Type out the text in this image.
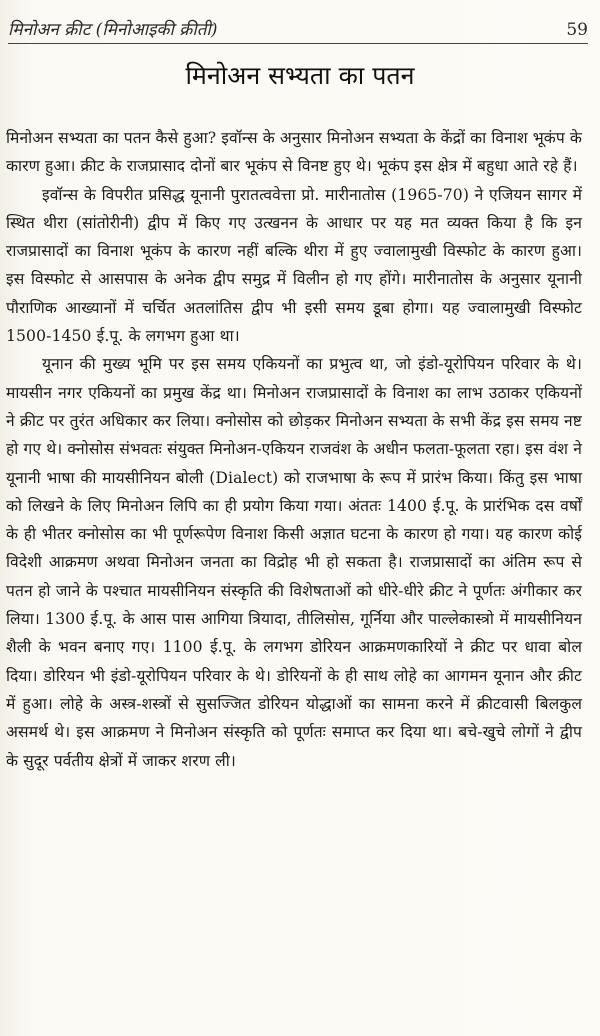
मिनोअन क्रीट (मिनोआइकी क्रीती)	59
मिनोअन सभ्यता का पतन

मिनोअन सभ्यता का पतन कैसे हुआ? इवॉन्स के अनुसार मिनोअन सभ्यता के केंद्रों का विनाश भूकंप के कारण हुआ। क्रीट के राजप्रासाद दोनों बार भूकंप से विनष्ट हुए थे। भूकंप इस क्षेत्र में बहुधा आते रहे हैं।

इवॉन्स के विपरीत प्रसिद्ध यूनानी पुरातत्ववेत्ता प्रो. मारीनातोस (1965-70) ने एजियन सागर में स्थित थीरा (सांतोरीनी) द्वीप में किए गए उत्खनन के आधार पर यह मत व्यक्त किया है कि इन राजप्रासादों का विनाश भूकंप के कारण नहीं बल्कि थीरा में हुए ज्वालामुखी विस्फोट के कारण हुआ। इस विस्फोट से आसपास के अनेक द्वीप समुद्र में विलीन हो गए होंगे। मारीनातोस के अनुसार यूनानी पौराणिक आख्यानों में चर्चित अतलांतिस द्वीप भी इसी समय डूबा होगा। यह ज्वालामुखी विस्फोट 1500-1450 ई.पू. के लगभग हुआ था।

यूनान की मुख्य भूमि पर इस समय एकियनों का प्रभुत्व था, जो इंडो-यूरोपियन परिवार के थे। मायसीन नगर एकियनों का प्रमुख केंद्र था। मिनोअन राजप्रासादों के विनाश का लाभ उठाकर एकियनों ने क्रीट पर तुरंत अधिकार कर लिया। क्नोसोस को छोड़कर मिनोअन सभ्यता के सभी केंद्र इस समय नष्ट हो गए थे। क्नोसोस संभवतः संयुक्त मिनोअन-एकियन राजवंश के अधीन फलता-फूलता रहा। इस वंश ने यूनानी भाषा की मायसीनियन बोली (Dialect) को राजभाषा के रूप में प्रारंभ किया। किंतु इस भाषा को लिखने के लिए मिनोअन लिपि का ही प्रयोग किया गया। अंततः 1400 ई.पू. के प्रारंभिक दस वर्षों के ही भीतर क्नोसोस का भी पूर्णरूपेण विनाश किसी अज्ञात घटना के कारण हो गया। यह कारण कोई विदेशी आक्रमण अथवा मिनोअन जनता का विद्रोह भी हो सकता है। राजप्रासादों का अंतिम रूप से पतन हो जाने के पश्चात मायसीनियन संस्कृति की विशेषताओं को धीरे-धीरे क्रीट ने पूर्णतः अंगीकार कर लिया। 1300 ई.पू. के आस पास आगिया त्रियादा, तीलिसोस, गूर्निया और पाल्लेकास्त्रो में मायसीनियन शैली के भवन बनाए गए। 1100 ई.पू. के लगभग डोरियन आक्रमणकारियों ने क्रीट पर धावा बोल दिया। डोरियन भी इंडो-यूरोपियन परिवार के थे। डोरियनों के ही साथ लोहे का आगमन यूनान और क्रीट में हुआ। लोहे के अस्त्र-शस्त्रों से सुसज्जित डोरियन योद्धाओं का सामना करने में क्रीटवासी बिलकुल असमर्थ थे। इस आक्रमण ने मिनोअन संस्कृति को पूर्णतः समाप्त कर दिया था। बचे-खुचे लोगों ने द्वीप के सुदूर पर्वतीय क्षेत्रों में जाकर शरण ली।
